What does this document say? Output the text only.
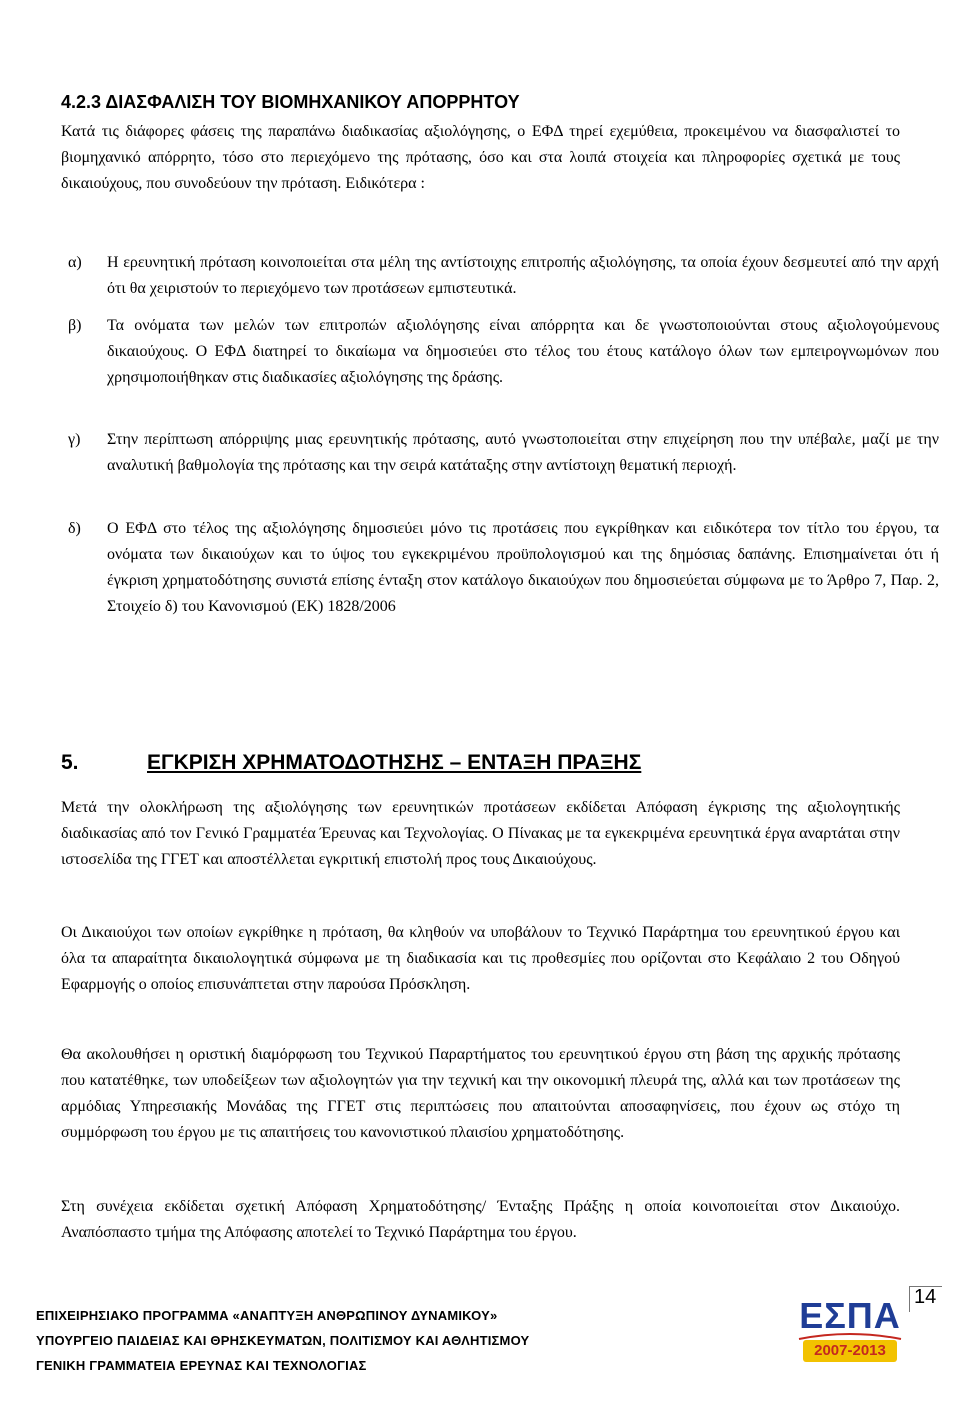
4.2.3 ΔΙΑΣΦΑΛΙΣΗ ΤΟΥ ΒΙΟΜΗΧΑΝΙΚΟΥ ΑΠΟΡΡΗΤΟΥ

Κατά τις διάφορες φάσεις της παραπάνω διαδικασίας αξιολόγησης, ο ΕΦΔ τηρεί εχεμύθεια, προκειμένου να διασφαλιστεί το βιομηχανικό απόρρητο, τόσο στο περιεχόμενο της πρότασης, όσο και στα λοιπά στοιχεία και πληροφορίες σχετικά με τους δικαιούχους, που συνοδεύουν την πρόταση. Ειδικότερα :

α) Η ερευνητική πρόταση κοινοποιείται στα μέλη της αντίστοιχης επιτροπής αξιολόγησης, τα οποία έχουν δεσμευτεί από την αρχή ότι θα χειριστούν το περιεχόμενο των προτάσεων εμπιστευτικά.

β) Τα ονόματα των μελών των επιτροπών αξιολόγησης είναι απόρρητα και δε γνωστοποιούνται στους αξιολογούμενους δικαιούχους. Ο ΕΦΔ διατηρεί το δικαίωμα να δημοσιεύει στο τέλος του έτους κατάλογο όλων των εμπειρογνωμόνων που χρησιμοποιήθηκαν στις διαδικασίες αξιολόγησης της δράσης.

γ) Στην περίπτωση απόρριψης μιας ερευνητικής πρότασης, αυτό γνωστοποιείται στην επιχείρηση που την υπέβαλε, μαζί με την αναλυτική βαθμολογία της πρότασης και την σειρά κατάταξης στην αντίστοιχη θεματική περιοχή.

δ) Ο ΕΦΔ στο τέλος της αξιολόγησης δημοσιεύει μόνο τις προτάσεις που εγκρίθηκαν και ειδικότερα τον τίτλο του έργου, τα ονόματα των δικαιούχων και το ύψος του εγκεκριμένου προϋπολογισμού και της δημόσιας δαπάνης. Επισημαίνεται ότι ή έγκριση χρηματοδότησης συνιστά επίσης ένταξη στον κατάλογο δικαιούχων που δημοσιεύεται σύμφωνα με το Άρθρο 7, Παρ. 2, Στοιχείο δ) του Κανονισμού (ΕΚ) 1828/2006

5.	ΕΓΚΡΙΣΗ ΧΡΗΜΑΤΟΔΟΤΗΣΗΣ – ΕΝΤΑΞΗ ΠΡΑΞΗΣ

Μετά την ολοκλήρωση της αξιολόγησης των ερευνητικών προτάσεων εκδίδεται Απόφαση έγκρισης της αξιολογητικής διαδικασίας από τον Γενικό Γραμματέα Έρευνας και Τεχνολογίας. Ο Πίνακας με τα εγκεκριμένα ερευνητικά έργα αναρτάται στην ιστοσελίδα της ΓΓΕΤ και αποστέλλεται εγκριτική επιστολή προς τους Δικαιούχους.

Οι Δικαιούχοι των οποίων εγκρίθηκε η πρόταση, θα κληθούν να υποβάλουν το Τεχνικό Παράρτημα του ερευνητικού έργου και όλα τα απαραίτητα δικαιολογητικά σύμφωνα με τη διαδικασία και τις προθεσμίες που ορίζονται στο Κεφάλαιο 2 του Οδηγού Εφαρμογής ο οποίος επισυνάπτεται στην παρούσα Πρόσκληση.

Θα ακολουθήσει η οριστική διαμόρφωση του Τεχνικού Παραρτήματος του ερευνητικού έργου στη βάση της αρχικής πρότασης που κατατέθηκε, των υποδείξεων των αξιολογητών για την τεχνική και την οικονομική πλευρά της, αλλά και των προτάσεων της αρμόδιας Υπηρεσιακής Μονάδας της ΓΓΕΤ στις περιπτώσεις που απαιτούνται αποσαφηνίσεις, που έχουν ως στόχο τη συμμόρφωση του έργου με τις απαιτήσεις του κανονιστικού πλαισίου χρηματοδότησης.

Στη συνέχεια εκδίδεται σχετική Απόφαση Χρηματοδότησης/ Ένταξης Πράξης η οποία κοινοποιείται στον Δικαιούχο. Αναπόσπαστο τμήμα της Απόφασης αποτελεί το Τεχνικό Παράρτημα του έργου.

14

ΕΠΙΧΕΙΡΗΣΙΑΚΟ ΠΡΟΓΡΑΜΜΑ «ΑΝΑΠΤΥΞΗ ΑΝΘΡΩΠΙΝΟΥ ΔΥΝΑΜΙΚΟΥ»

ΥΠΟΥΡΓΕΙΟ ΠΑΙΔΕΙΑΣ ΚΑΙ ΘΡΗΣΚΕΥΜΑΤΩΝ, ΠΟΛΙΤΙΣΜΟΥ ΚΑΙ ΑΘΛΗΤΙΣΜΟΥ

ΓΕΝΙΚΗ ΓΡΑΜΜΑΤΕΙΑ ΕΡΕΥΝΑΣ ΚΑΙ ΤΕΧΝΟΛΟΓΙΑΣ

ΕΣΠΑ
2007-2013
